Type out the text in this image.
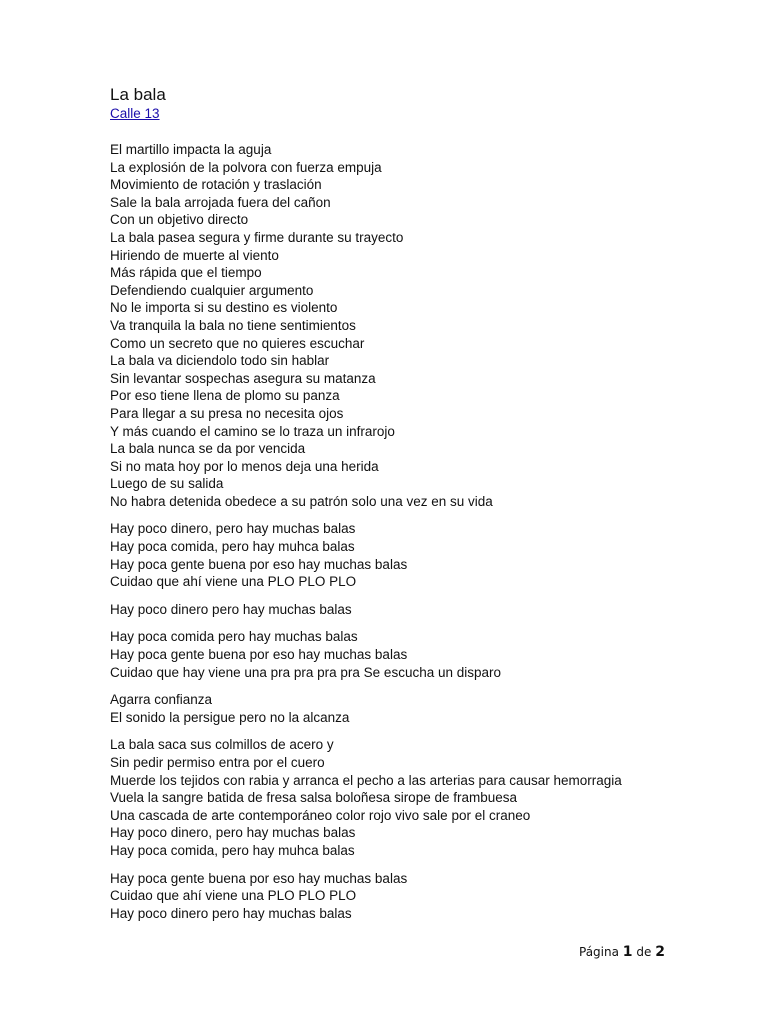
La bala
Calle 13
El martillo impacta la aguja
La explosión de la polvora con fuerza empuja
Movimiento de rotación y traslación
Sale la bala arrojada fuera del cañon
Con un objetivo directo
La bala pasea segura y firme durante su trayecto
Hiriendo de muerte al viento
Más rápida que el tiempo
Defendiendo cualquier argumento
No le importa si su destino es violento
Va tranquila la bala no tiene sentimientos
Como un secreto que no quieres escuchar
La bala va diciendolo todo sin hablar
Sin levantar sospechas asegura su matanza
Por eso tiene llena de plomo su panza
Para llegar a su presa no necesita ojos
Y más cuando el camino se lo traza un infrarojo
La bala nunca se da por vencida
Si no mata hoy por lo menos deja una herida
Luego de su salida
No habra detenida obedece a su patrón solo una vez en su vida
Hay poco dinero, pero hay muchas balas
Hay poca comida, pero hay muhca balas
Hay poca gente buena por eso hay muchas balas
Cuidao que ahí viene una PLO PLO PLO
Hay poco dinero pero hay muchas balas
Hay poca comida pero hay muchas balas
Hay poca gente buena por eso hay muchas balas
Cuidao que hay viene una pra pra pra pra Se escucha un disparo
Agarra confianza
El sonido la persigue pero no la alcanza
La bala saca sus colmillos de acero y
Sin pedir permiso entra por el cuero
Muerde los tejidos con rabia y arranca el pecho a las arterias para causar hemorragia
Vuela la sangre batida de fresa salsa boloñesa sirope de frambuesa
Una cascada de arte contemporáneo color rojo vivo sale por el craneo
Hay poco dinero, pero hay muchas balas
Hay poca comida, pero hay muhca balas
Hay poca gente buena por eso hay muchas balas
Cuidao que ahí viene una PLO PLO PLO
Hay poco dinero pero hay muchas balas
Página 1 de 2
